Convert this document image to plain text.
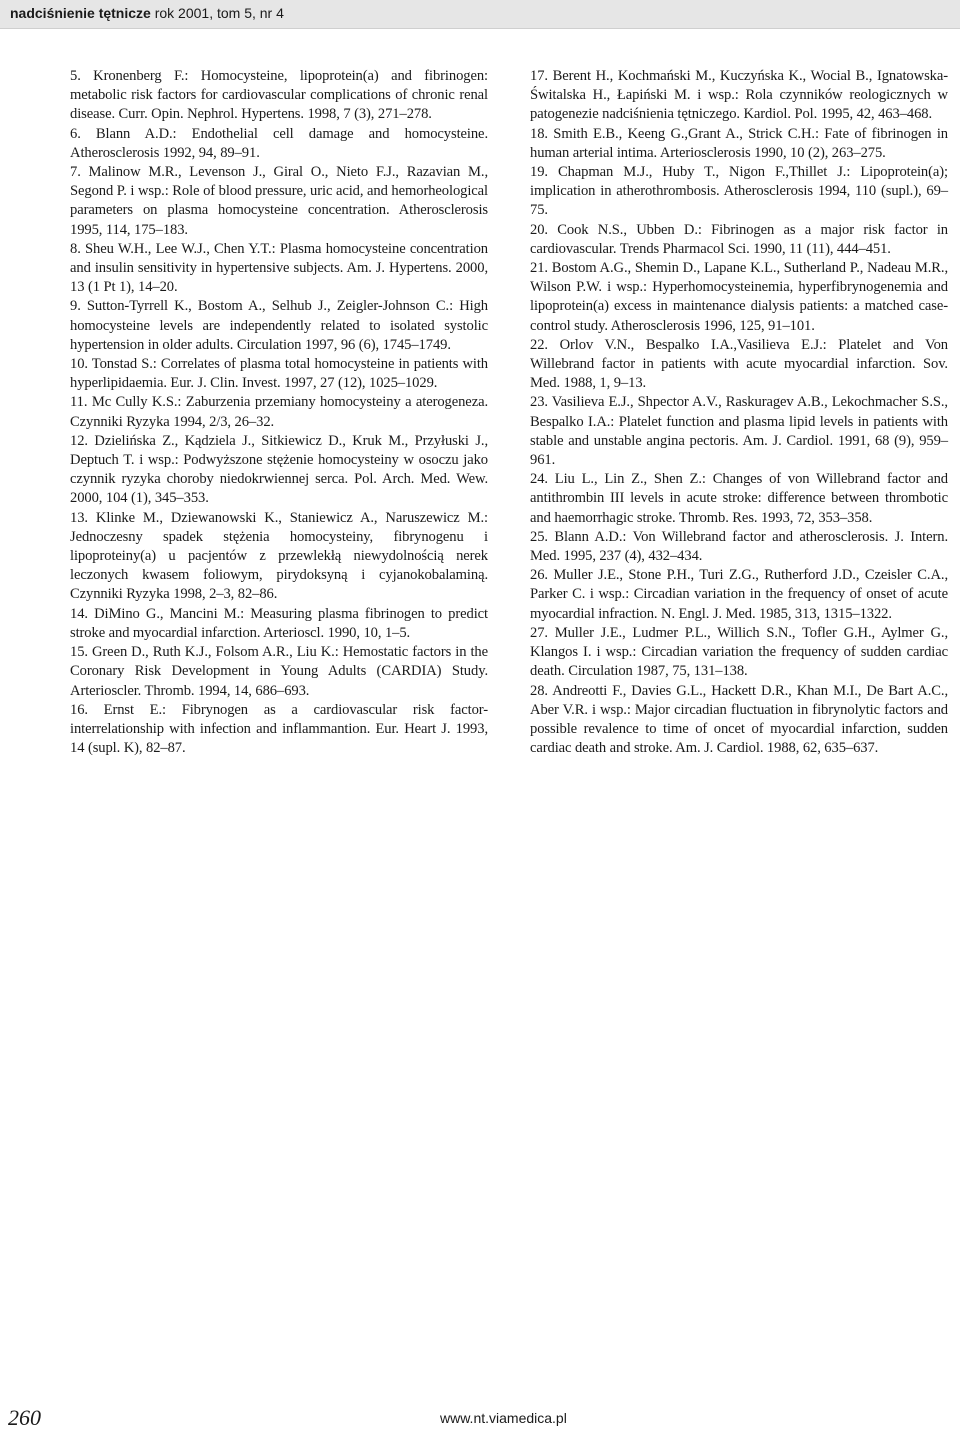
nadciśnienie tętnicze rok 2001, tom 5, nr 4

5. Kronenberg F.: Homocysteine, lipoprotein(a) and fibrinogen: metabolic risk factors for cardiovascular complications of chronic renal disease. Curr. Opin. Nephrol. Hypertens. 1998, 7 (3), 271–278.

6. Blann A.D.: Endothelial cell damage and homocysteine. Atherosclerosis 1992, 94, 89–91.

7. Malinow M.R., Levenson J., Giral O., Nieto F.J., Razavian M., Segond P. i wsp.: Role of blood pressure, uric acid, and hemorheological parameters on plasma homocysteine concentration. Atherosclerosis 1995, 114, 175–183.

8. Sheu W.H., Lee W.J., Chen Y.T.: Plasma homocysteine concentration and insulin sensitivity in hypertensive subjects. Am. J. Hypertens. 2000, 13 (1 Pt 1), 14–20.

9. Sutton-Tyrrell K., Bostom A., Selhub J., Zeigler-Johnson C.: High homocysteine levels are independently related to isolated systolic hypertension in older adults. Circulation 1997, 96 (6), 1745–1749.

10. Tonstad S.: Correlates of plasma total homocysteine in patients with hyperlipidaemia. Eur. J. Clin. Invest. 1997, 27 (12), 1025–1029.

11. Mc Cully K.S.: Zaburzenia przemiany homocysteiny a aterogeneza. Czynniki Ryzyka 1994, 2/3, 26–32.

12. Dzielińska Z., Kądziela J., Sitkiewicz D., Kruk M., Przyłuski J., Deptuch T. i wsp.: Podwyższone stężenie homocysteiny w osoczu jako czynnik ryzyka choroby niedokrwiennej serca. Pol. Arch. Med. Wew. 2000, 104 (1), 345–353.

13. Klinke M., Dziewanowski K., Staniewicz A., Naruszewicz M.: Jednoczesny spadek stężenia homocysteiny, fibrynogenu i lipoproteiny(a) u pacjentów z przewlekłą niewydolnością nerek leczonych kwasem foliowym, pirydoksyną i cyjanokobalaminą. Czynniki Ryzyka 1998, 2–3, 82–86.

14. DiMino G., Mancini M.: Measuring plasma fibrinogen to predict stroke and myocardial infarction. Arterioscl. 1990, 10, 1–5.

15. Green D., Ruth K.J., Folsom A.R., Liu K.: Hemostatic factors in the Coronary Risk Development in Young Adults (CARDIA) Study. Arterioscler. Thromb. 1994, 14, 686–693.

16. Ernst E.: Fibrynogen as a cardiovascular risk factor- interrelationship with infection and inflammantion. Eur. Heart J. 1993, 14 (supl. K), 82–87.

17. Berent H., Kochmański M., Kuczyńska K., Wocial B., Ignatowska-Świtalska H., Łapiński M. i wsp.: Rola czynników reologicznych w patogenezie nadciśnienia tętniczego. Kardiol. Pol. 1995, 42, 463–468.

18. Smith E.B., Keeng G.,Grant A., Strick C.H.: Fate of fibrinogen in human arterial intima. Arteriosclerosis 1990, 10 (2), 263–275.

19. Chapman M.J., Huby T., Nigon F.,Thillet J.: Lipoprotein(a); implication in atherothrombosis. Atherosclerosis 1994, 110 (supl.), 69–75.

20. Cook N.S., Ubben D.: Fibrinogen as a major risk factor in cardiovascular. Trends Pharmacol Sci. 1990, 11 (11), 444–451.

21. Bostom A.G., Shemin D., Lapane K.L., Sutherland P., Nadeau M.R., Wilson P.W. i wsp.: Hyperhomocysteinemia, hyperfibrynogenemia and lipoprotein(a) excess in maintenance dialysis patients: a matched case-control study. Atherosclerosis 1996, 125, 91–101.

22. Orlov V.N., Bespalko I.A.,Vasilieva E.J.: Platelet and Von Willebrand factor in patients with acute myocardial infarction. Sov. Med. 1988, 1, 9–13.

23. Vasilieva E.J., Shpector A.V., Raskuragev A.B., Lekochmacher S.S., Bespalko I.A.: Platelet function and plasma lipid levels in patients with stable and unstable angina pectoris. Am. J. Cardiol. 1991, 68 (9), 959–961.

24. Liu L., Lin Z., Shen Z.: Changes of von Willebrand factor and antithrombin III levels in acute stroke: difference between thrombotic and haemorrhagic stroke. Thromb. Res. 1993, 72, 353–358.

25. Blann A.D.: Von Willebrand factor and atherosclerosis. J. Intern. Med. 1995, 237 (4), 432–434.

26. Muller J.E., Stone P.H., Turi Z.G., Rutherford J.D., Czeisler C.A., Parker C. i wsp.: Circadian variation in the frequency of onset of acute myocardial infraction. N. Engl. J. Med. 1985, 313, 1315–1322.

27. Muller J.E., Ludmer P.L., Willich S.N., Tofler G.H., Aylmer G., Klangos I. i wsp.: Circadian variation the frequency of sudden cardiac death. Circulation 1987, 75, 131–138.

28. Andreotti F., Davies G.L., Hackett D.R., Khan M.I., De Bart A.C., Aber V.R. i wsp.: Major circadian fluctuation in fibrynolytic factors and possible revalence to time of oncet of myocardial infarction, sudden cardiac death and stroke. Am. J. Cardiol. 1988, 62, 635–637.

260	www.nt.viamedica.pl
